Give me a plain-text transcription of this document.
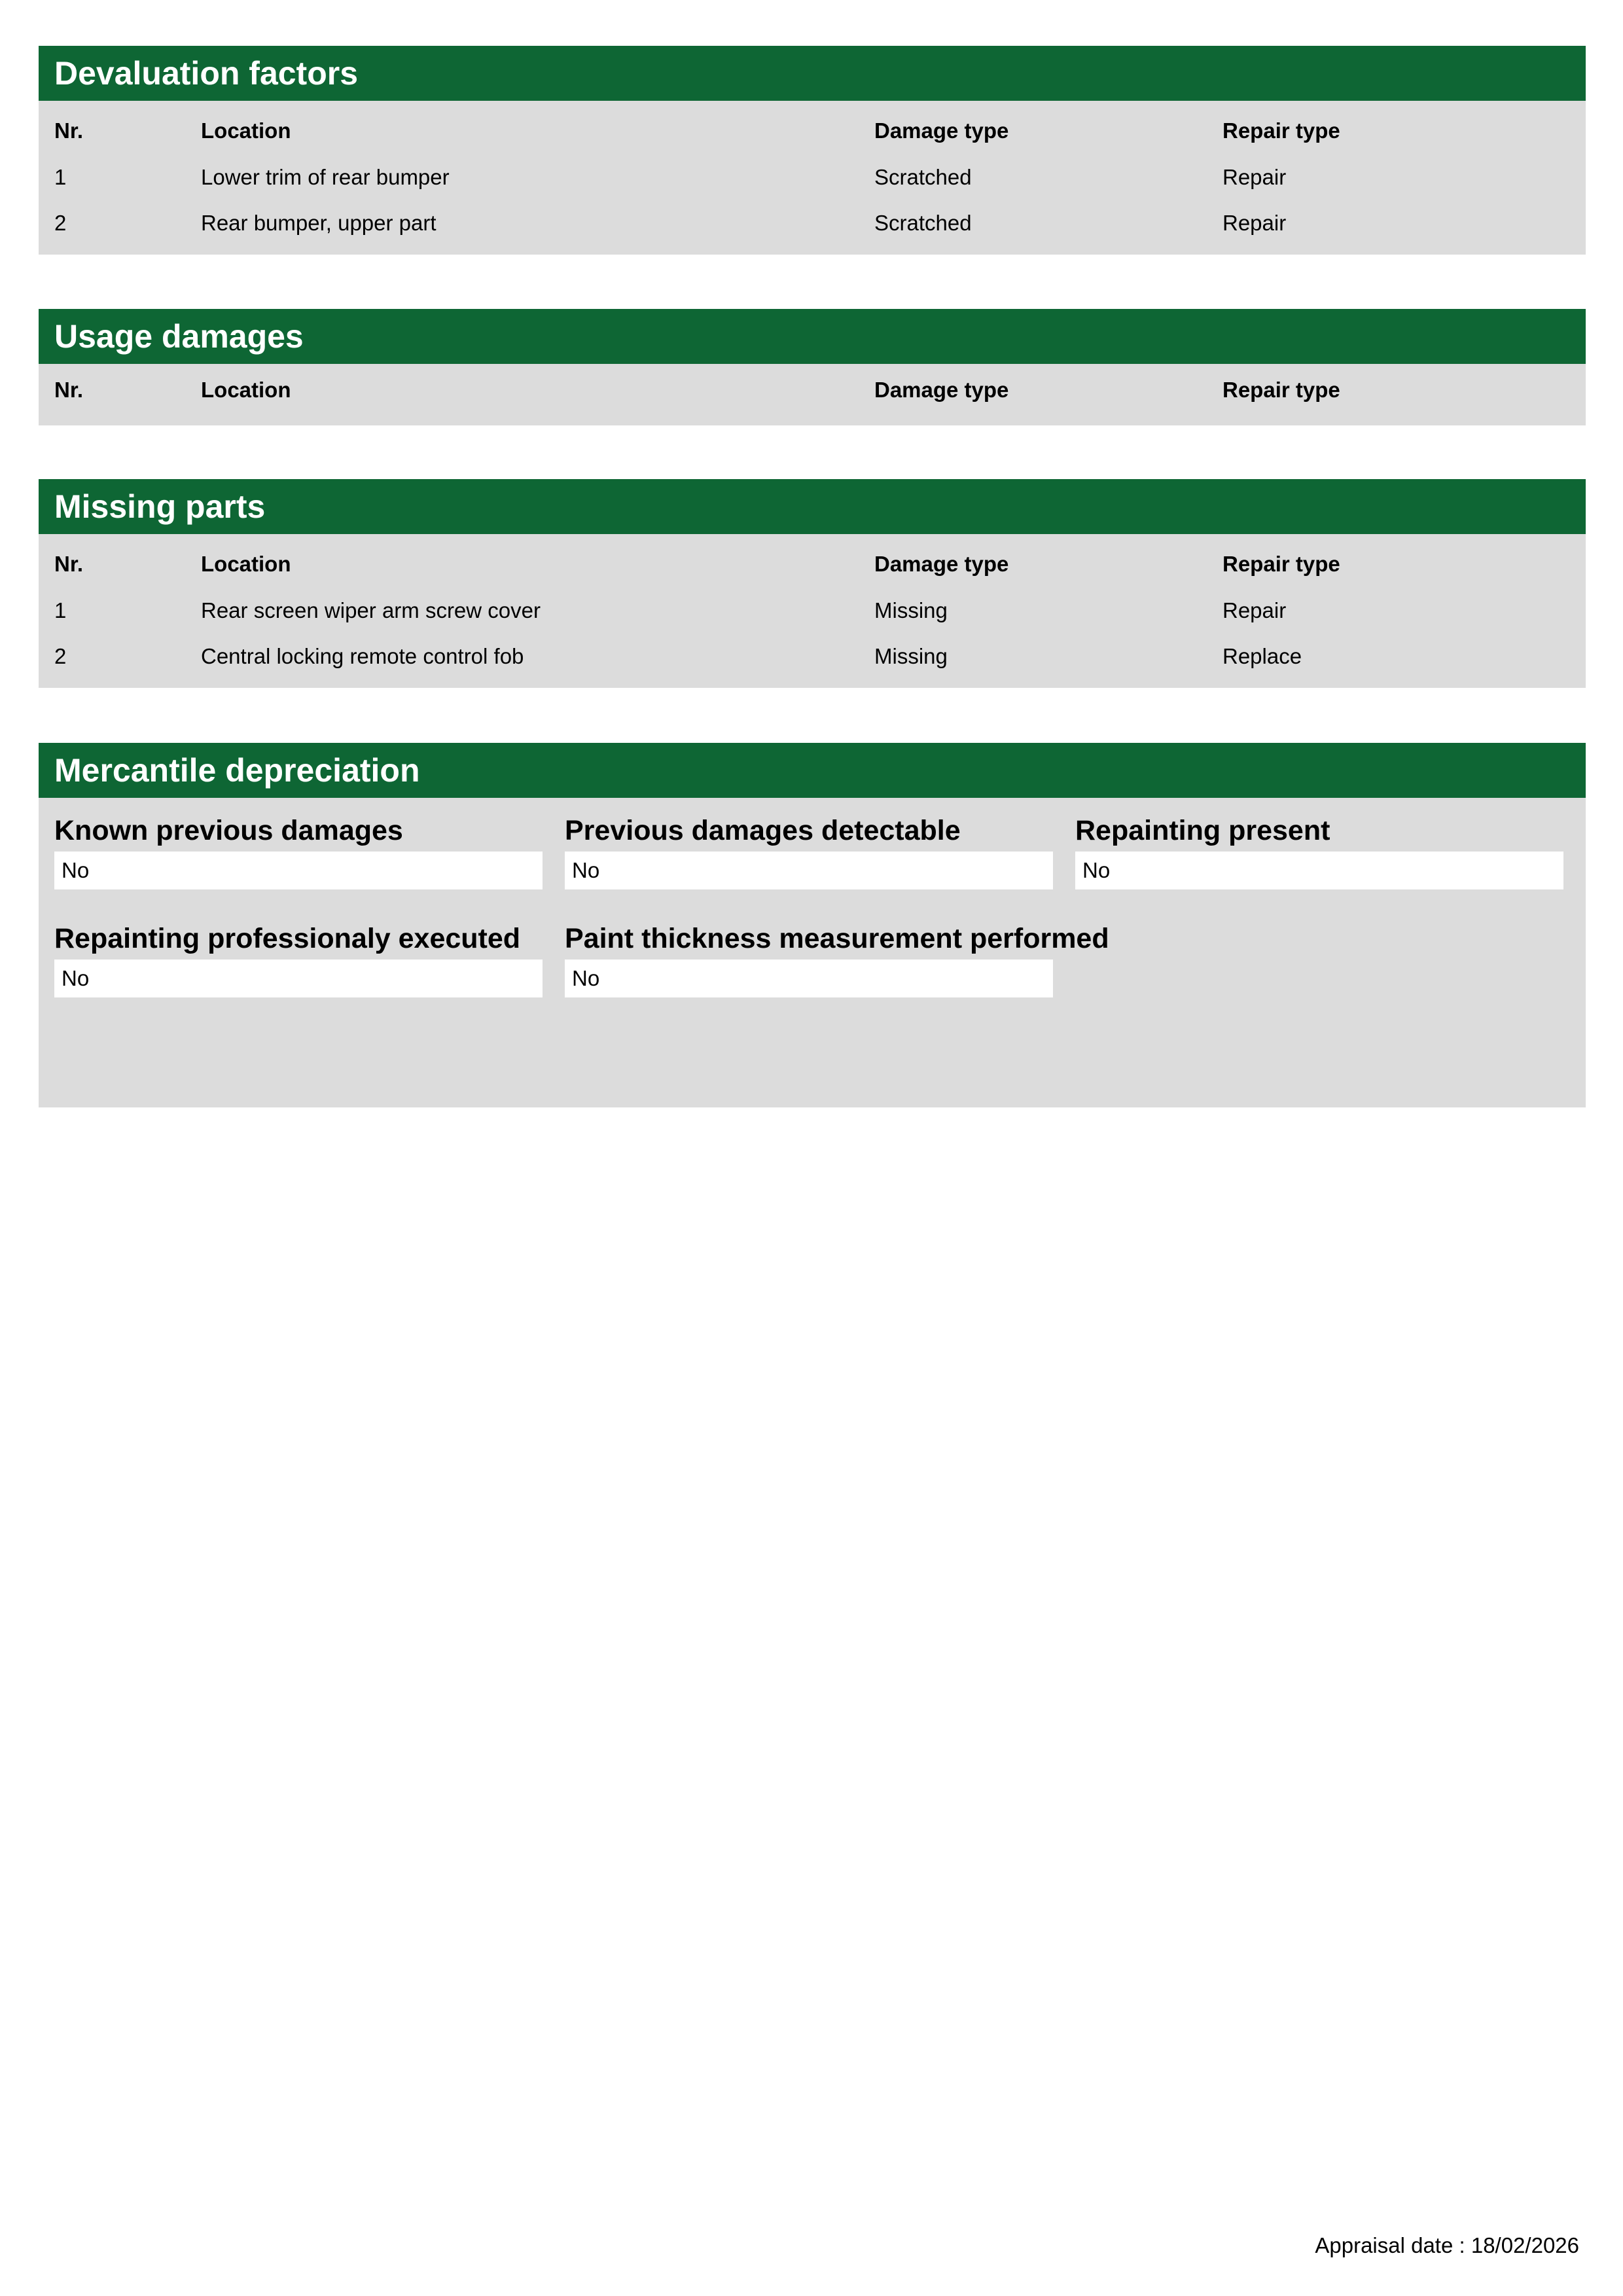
Devaluation factors
Nr.	Location	Damage type	Repair type
1	Lower trim of rear bumper	Scratched	Repair
2	Rear bumper, upper part	Scratched	Repair
Usage damages
Nr.	Location	Damage type	Repair type
Missing parts
Nr.	Location	Damage type	Repair type
1	Rear screen wiper arm screw cover	Missing	Repair
2	Central locking remote control fob	Missing	Replace
Mercantile depreciation
Known previous damages
No
Previous damages detectable
No
Repainting present
No
Repainting professionaly executed
No
Paint thickness measurement performed
No
Appraisal date : 18/02/2026
